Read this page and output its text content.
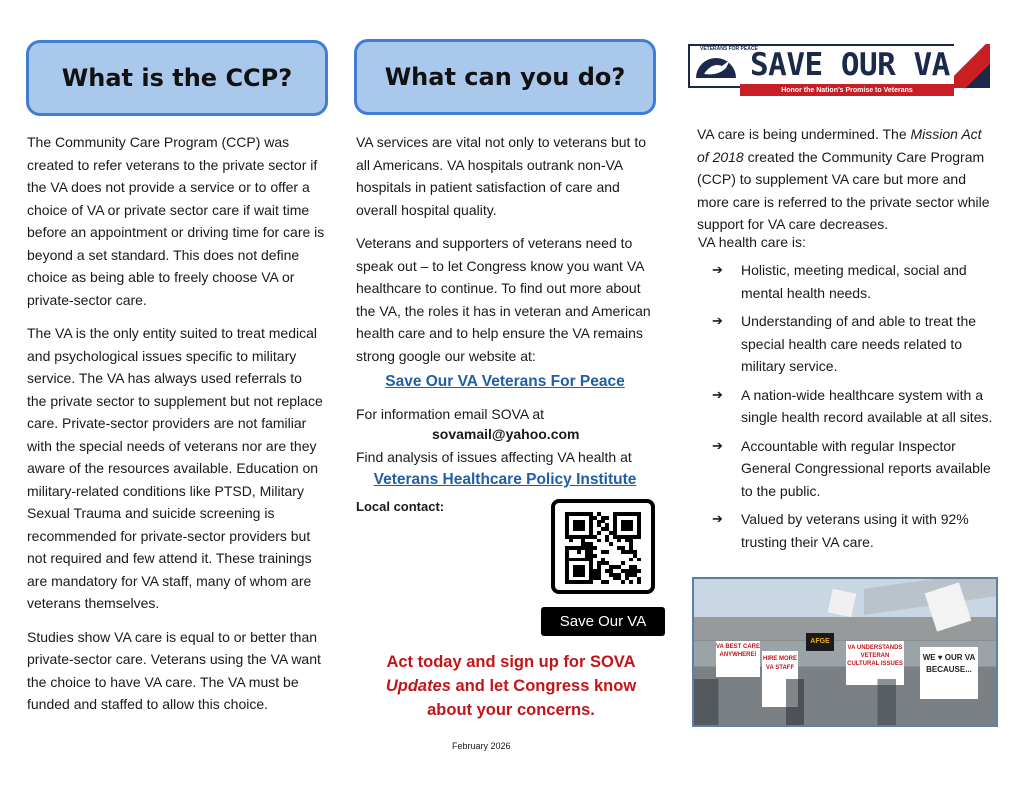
What is the CCP?

The Community Care Program (CCP) was created to refer veterans to the private sector if the VA does not provide a service or to offer a choice of VA or private sector care if wait time before an appointment or driving time for care is beyond a set standard. This does not define choice as being able to freely choose VA or private-sector care.

The VA is the only entity suited to treat medical and psychological issues specific to military service. The VA has always used referrals to the private sector to supplement but not replace care. Private-sector providers are not familiar with the special needs of veterans nor are they aware of the resources available. Education on military-related conditions like PTSD, Military Sexual Trauma and suicide screening is recommended for private-sector providers but not required and few attend it. These trainings are mandatory for VA staff, many of whom are veterans themselves.

Studies show VA care is equal to or better than private-sector care. Veterans using the VA want the choice to have VA care. The VA must be funded and staffed to allow this choice.

What can you do?

VA services are vital not only to veterans but to all Americans. VA hospitals outrank non-VA hospitals in patient satisfaction of care and overall hospital quality.

Veterans and supporters of veterans need to speak out – to let Congress know you want VA healthcare to continue. To find out more about the VA, the roles it has in veteran and American health care and to help ensure the VA remains strong google our website at:

Save Our VA Veterans For Peace

For information email SOVA at

sovamail@yahoo.com

Find analysis of issues affecting VA health at

Veterans Healthcare Policy Institute

Local contact:

Save Our VA
Act today and sign up for SOVA
Updates and let Congress know
about your concerns.
February 2026
VETERANS FOR PEACE
SAVE OUR VA
Honor the Nation's Promise to Veterans

VA care is being undermined. The Mission Act of 2018 created the Community Care Program (CCP) to supplement VA care but more and more care is referred to the private sector while support for VA care decreases.

VA health care is:

➔ Holistic, meeting medical, social and mental health needs.
➔ Understanding of and able to treat the special health care needs related to military service.
➔ A nation-wide healthcare system with a single health record available at all sites.
➔ Accountable with regular Inspector General Congressional reports available to the public.
➔ Valued by veterans using it with 92% trusting their VA care.
VA BEST CARE ANYWHERE!
HIRE MORE VA STAFF
AFGE
VA UNDERSTANDS VETERAN CULTURAL ISSUES
WE ♥ OUR VA BECAUSE...
